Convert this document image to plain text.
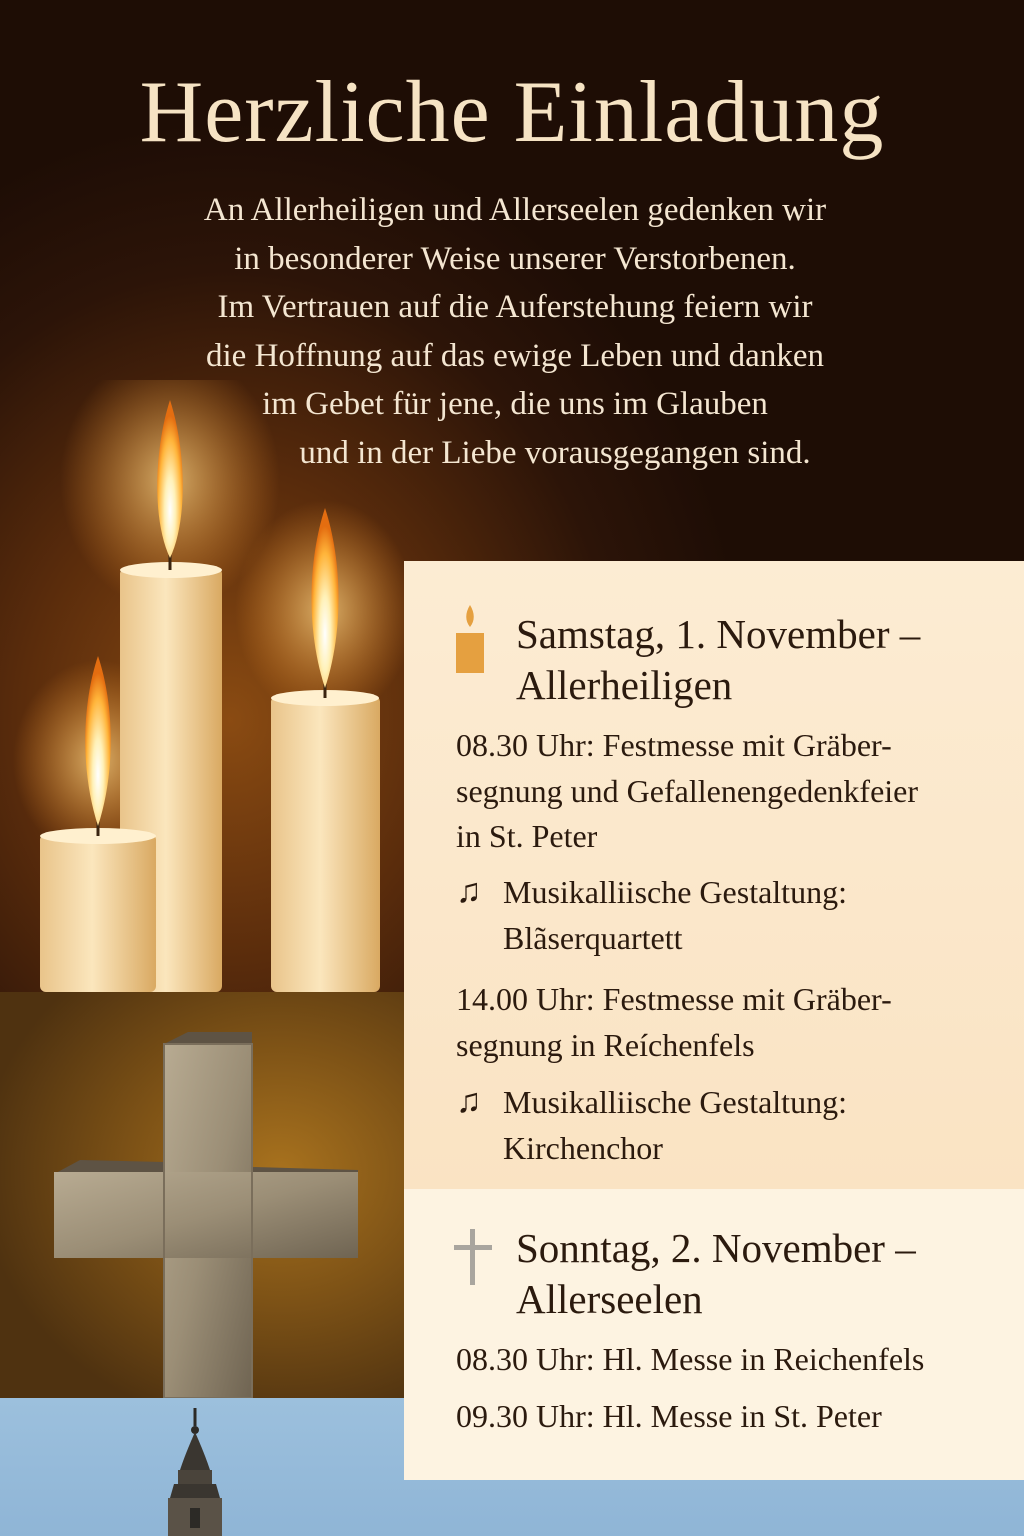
Herzliche Einladung
An Allerheiligen und Allerseelen gedenken wir
in besonderer Weise unserer Verstorbenen.
Im Vertrauen auf die Auferstehung feiern wir
die Hoffnung auf das ewige Leben und danken
im Gebet für jene, die uns im Glauben
und in der Liebe vorausgegangen sind.
Samstag, 1. November –
Allerheiligen
08.30 Uhr: Festmesse mit Gräber-
segnung und Gefallenengedenkfeier
in St. Peter
♫ Musikalliische Gestaltung:
Blãserquartett
14.00 Uhr: Festmesse mit Gräber-
segnung in Reíchenfels
♫ Musikalliische Gestaltung:
Kirchenchor
Sonntag, 2. November –
Allerseelen
08.30 Uhr: Hl. Messe in Reichenfels
09.30 Uhr: Hl. Messe in St. Peter
